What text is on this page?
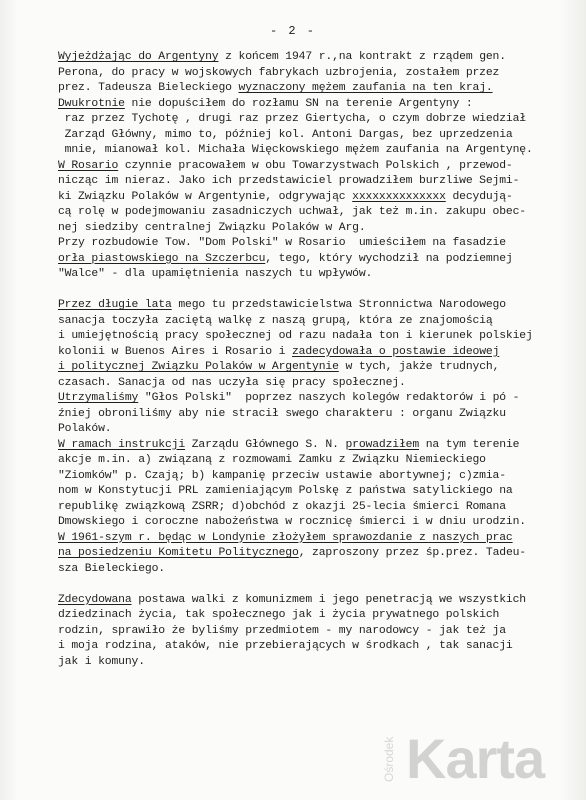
- 2 -
Wyjeżdżając do Argentyny z końcem 1947 r.,na kontrakt z rządem gen.
Perona, do pracy w wojskowych fabrykach uzbrojenia, zostałem przez
prez. Tadeusza Bieleckiego wyznaczony mężem zaufania na ten kraj.
Dwukrotnie nie dopuściłem do rozłamu SN na terenie Argentyny :
raz przez Tychotę , drugi raz przez Giertycha, o czym dobrze wiedział
Zarząd Główny, mimo to, później kol. Antoni Dargas, bez uprzedzenia
mnie, mianował kol. Michała Więckowskiego mężem zaufania na Argentynę.
W Rosario czynnie pracowałem w obu Towarzystwach Polskich , przewod-
nicząc im nieraz. Jako ich przedstawiciel prowadziłem burzliwe Sejmi-
ki Związku Polaków w Argentynie, odgrywając xxxxxxxxxxxxxx decydują-
cą rolę w podejmowaniu zasadniczych uchwał, jak też m.in. zakupu obec-
nej siedziby centralnej Związku Polaków w Arg.
Przy rozbudowie Tow. "Dom Polski" w Rosario  umieściłem na fasadzie
orła piastowskiego na Szczerbcu, tego, który wychodził na podziemnej
"Walce" - dla upamiętnienia naszych tu wpływów.
Przez długie lata mego tu przedstawicielstwa Stronnictwa Narodowego
sanacja toczyła zaciętą walkę z naszą grupą, która ze znajomością
i umiejętnością pracy społecznej od razu nadała ton i kierunek polskiej
kolonii w Buenos Aires i Rosario i zadecydowała o postawie ideowej
i politycznej Związku Polaków w Argentynie w tych, jakże trudnych,
czasach. Sanacja od nas uczyła się pracy społecznej.
Utrzymaliśmy "Głos Polski"  poprzez naszych kolegów redaktorów i pó -
źniej obroniliśmy aby nie stracił swego charakteru : organu Związku
Polaków.
W ramach instrukcji Zarządu Głównego S. N. prowadziłem na tym terenie
akcje m.in. a) związaną z rozmowami Zamku z Związku Niemieckiego
"Ziomków" p. Czają; b) kampanię przeciw ustawie abortywnej; c)zmia-
nom w Konstytucji PRL zamieniającym Polskę z państwa satylickiego na
republikę związkową ZSRR; d)obchód z okazji 25-lecia śmierci Romana
Dmowskiego i coroczne nabożeństwa w rocznicę śmierci i w dniu urodzin.
W 1961-szym r. będąc w Londynie złożyłem sprawozdanie z naszych prac
na posiedzeniu Komitetu Politycznego, zaproszony przez śp.prez. Tadeu-
sza Bieleckiego.
Zdecydowana postawa walki z komunizmem i jego penetracją we wszystkich
dziedzinach życia, tak społecznego jak i życia prywatnego polskich
rodzin, sprawiło że byliśmy przedmiotem - my narodowcy - jak też ja
i moja rodzina, ataków, nie przebierających w środkach , tak sanacji
jak i komuny.
Ośrodek Karta
